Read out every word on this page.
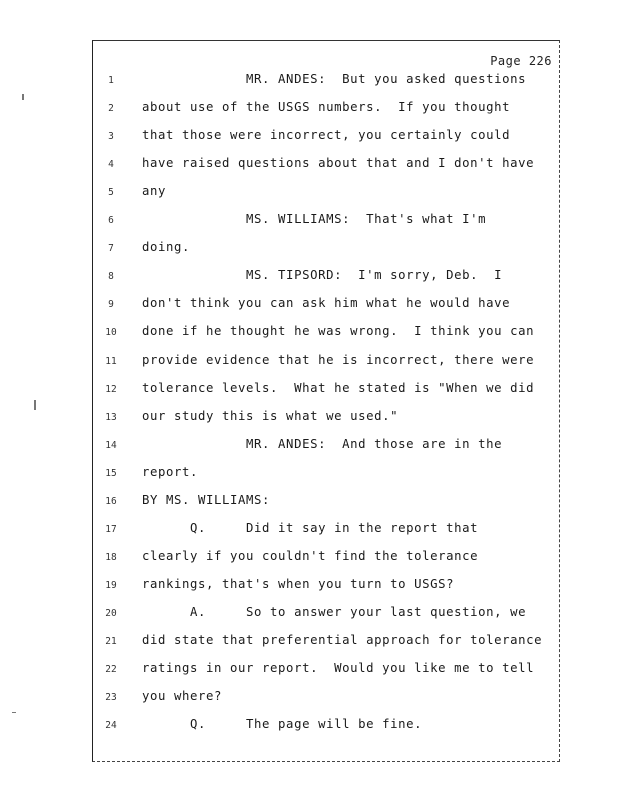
Page 226
1	MR. ANDES:  But you asked questions
2	about use of the USGS numbers.  If you thought
3	that those were incorrect, you certainly could
4	have raised questions about that and I don't have
5	any
6	MS. WILLIAMS:  That's what I'm
7	doing.
8	MS. TIPSORD:  I'm sorry, Deb.  I
9	don't think you can ask him what he would have
10	done if he thought he was wrong.  I think you can
11	provide evidence that he is incorrect, there were
12	tolerance levels.  What he stated is "When we did
13	our study this is what we used."
14	MR. ANDES:  And those are in the
15	report.
16	BY MS. WILLIAMS:
17	Q.     Did it say in the report that
18	clearly if you couldn't find the tolerance
19	rankings, that's when you turn to USGS?
20	A.     So to answer your last question, we
21	did state that preferential approach for tolerance
22	ratings in our report.  Would you like me to tell
23	you where?
24	Q.     The page will be fine.
